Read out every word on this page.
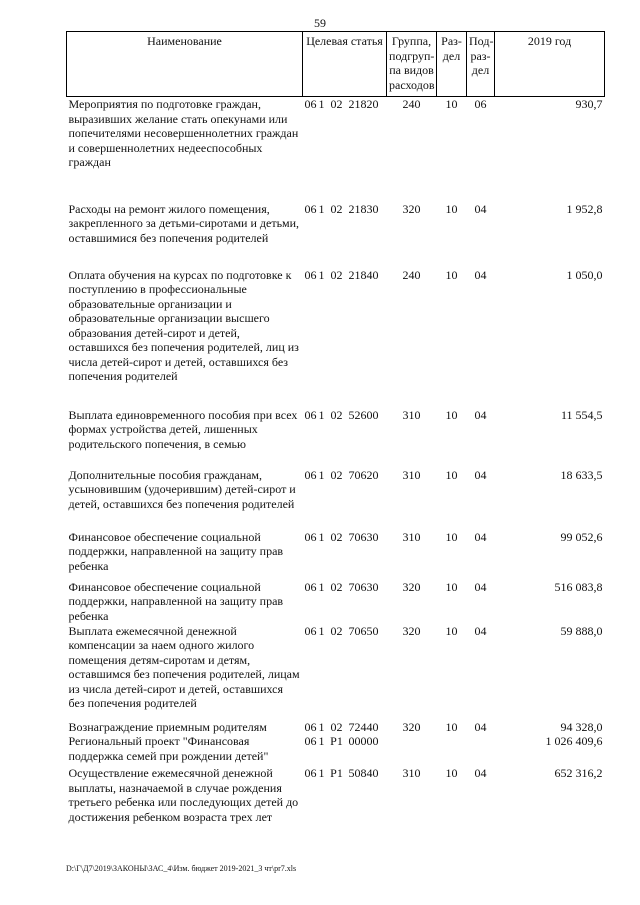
59
Наименование	Целевая статья				Группа, подгруп-па видов расходов	Раз-дел	Под-раз-дел	2019 год
Мероприятия по подготовке граждан, выразивших желание стать опекунами или попечителями несовершеннолетних граждан и совершеннолетних недееспособных граждан	06	1	02	21820	240	10	06	930,7
Расходы на ремонт жилого помещения, закрепленного за детьми-сиротами и детьми, оставшимися без попечения родителей	06	1	02	21830	320	10	04	1 952,8
Оплата обучения на курсах по подготовке к поступлению в профессиональные образовательные организации и образовательные организации высшего образования детей-сирот и детей, оставшихся без попечения родителей, лиц из числа детей-сирот и детей, оставшихся без попечения родителей	06	1	02	21840	240	10	04	1 050,0
Выплата единовременного пособия при всех формах устройства детей, лишенных родительского попечения, в семью	06	1	02	52600	310	10	04	11 554,5
Дополнительные пособия гражданам, усыновившим (удочерившим) детей-сирот и детей, оставшихся без попечения родителей	06	1	02	70620	310	10	04	18 633,5
Финансовое обеспечение социальной поддержки, направленной на защиту прав ребенка	06	1	02	70630	310	10	04	99 052,6
Финансовое обеспечение социальной поддержки, направленной на защиту прав ребенка	06	1	02	70630	320	10	04	516 083,8
Выплата ежемесячной денежной компенсации за наем одного жилого помещения детям-сиротам и детям, оставшимся без попечения родителей, лицам из числа детей-сирот и детей, оставшихся без попечения родителей	06	1	02	70650	320	10	04	59 888,0
Вознаграждение приемным родителям	06	1	02	72440	320	10	04	94 328,0
Региональный проект "Финансовая поддержка семей при рождении детей"	06	1	P1	00000				1 026 409,6
Осуществление ежемесячной денежной выплаты, назначаемой в случае рождения третьего ребенка или последующих детей до достижения ребенком возраста трех лет	06	1	P1	50840	310	10	04	652 316,2
D:\Г\Д7\2019\ЗАКОНЫ\ЗАС_4\Изм. бюджет 2019-2021_3 чт\pr7.xls
